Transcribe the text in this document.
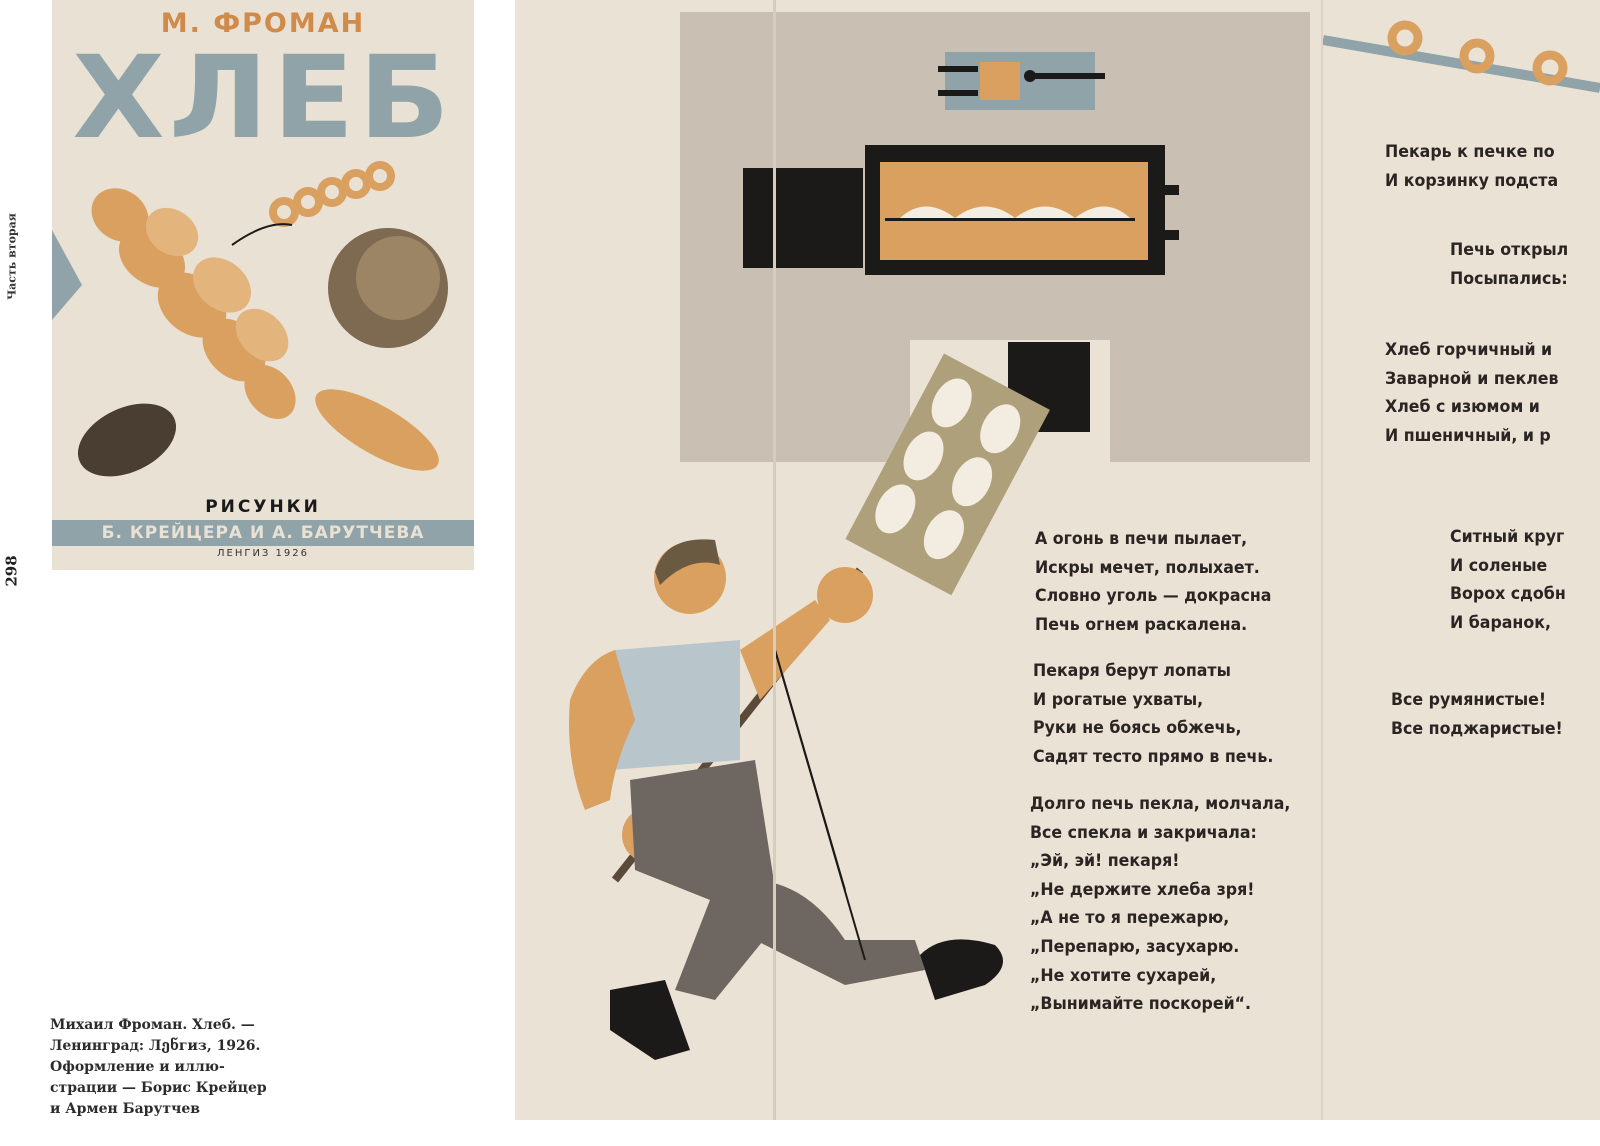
Часть вторая
298
М. ФРОМАН
ХЛЕБ
РИСУНКИ
Б. КРЕЙЦЕРА И А. БАРУТЧЕВА
ЛЕНГИЗ 1926
Михаил Фроман. Хлеб. —
Ленинград: Лენгиз, 1926.
Оформление и иллю-
страции — Борис Крейцер
и Армен Барутчев
А огонь в печи пылает,
Искры мечет, полыхает.
Словно уголь — докрасна
Печь огнем раскалена.
Пекаря берут лопаты
И рогатые ухваты,
Руки не боясь обжечь,
Садят тесто прямо в печь.
Долго печь пекла, молчала,
Все спекла и закричала:
„Эй, эй! пекаря!
„Не держите хлеба зря!
„А не то я пережарю,
„Перепарю, засухарю.
„Не хотите сухарей,
„Вынимайте поскорей“.
Пекарь к печке по
И корзинку подста
Печь открыл
Посыпались:
Хлеб горчичный и
Заварной и пеклев
Хлеб с изюмом и
И пшеничный, и р
Ситный круг
И соленые
Ворох сдобн
И баранок,
Все румянистые!
Все поджаристые!
